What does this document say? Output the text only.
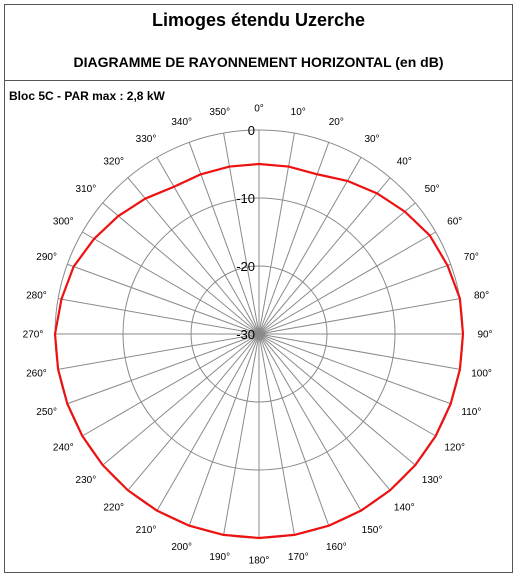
Limoges étendu Uzerche
DIAGRAMME DE RAYONNEMENT HORIZONTAL (en dB)
Bloc 5C - PAR max : 2,8 kW
0°	10°
20°
30°
40°
50°
60°
70°
80°
90°
100°
110°
120°
130°
140°
150°
160°
170°
180°
190°
200°
210°
220°
230°
240°
250°
260°
270°
280°
290°
300°
310°
320°
330°
340°
350°
0
-10
-20
-30
